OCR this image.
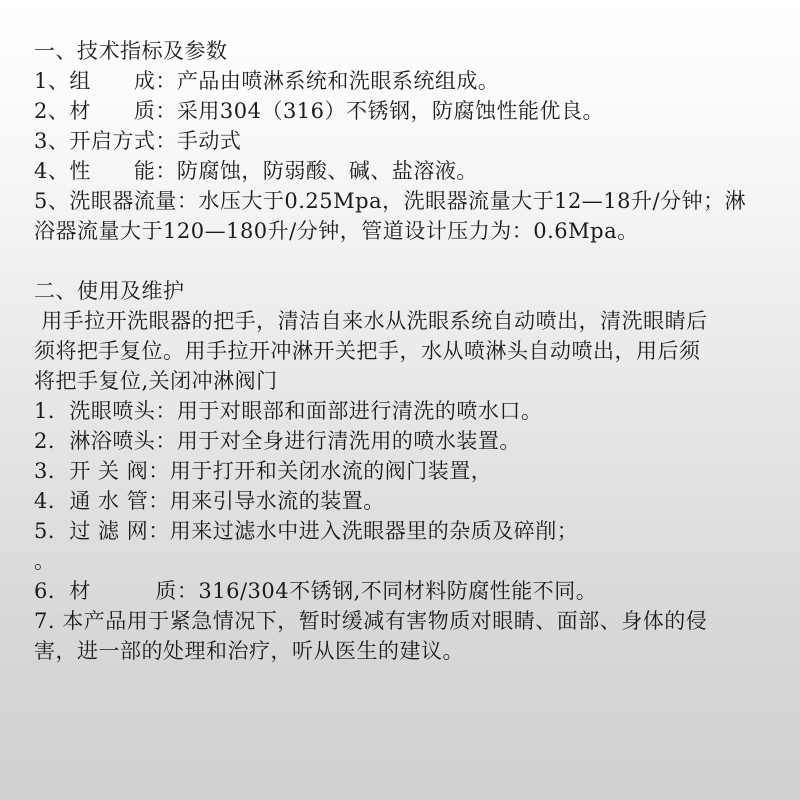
一、技术指标及参数
1、组　　成：产品由喷淋系统和洗眼系统组成。
2、材　　质：采用304（316）不锈钢，防腐蚀性能优良。
3、开启方式：手动式
4、性　　能：防腐蚀，防弱酸、碱、盐溶液。
5、洗眼器流量：水压大于0.25Mpa，洗眼器流量大于12—18升/分钟；淋
浴器流量大于120—180升/分钟，管道设计压力为：0.6Mpa。
二、使用及维护
用手拉开洗眼器的把手，清洁自来水从洗眼系统自动喷出，清洗眼睛后
须将把手复位。用手拉开冲淋开关把手，水从喷淋头自动喷出，用后须
将把手复位,关闭冲淋阀门
1．洗眼喷头：用于对眼部和面部进行清洗的喷水口。
2．淋浴喷头：用于对全身进行清洗用的喷水装置。
3．开 关 阀：用于打开和关闭水流的阀门装置，
4．通 水 管：用来引导水流的装置。
5．过 滤 网：用来过滤水中进入洗眼器里的杂质及碎削；
。
6．材　　　质：316/304不锈钢,不同材料防腐性能不同。
7. 本产品用于紧急情况下，暂时缓减有害物质对眼睛、面部、身体的侵
害，进一部的处理和治疗，听从医生的建议。
